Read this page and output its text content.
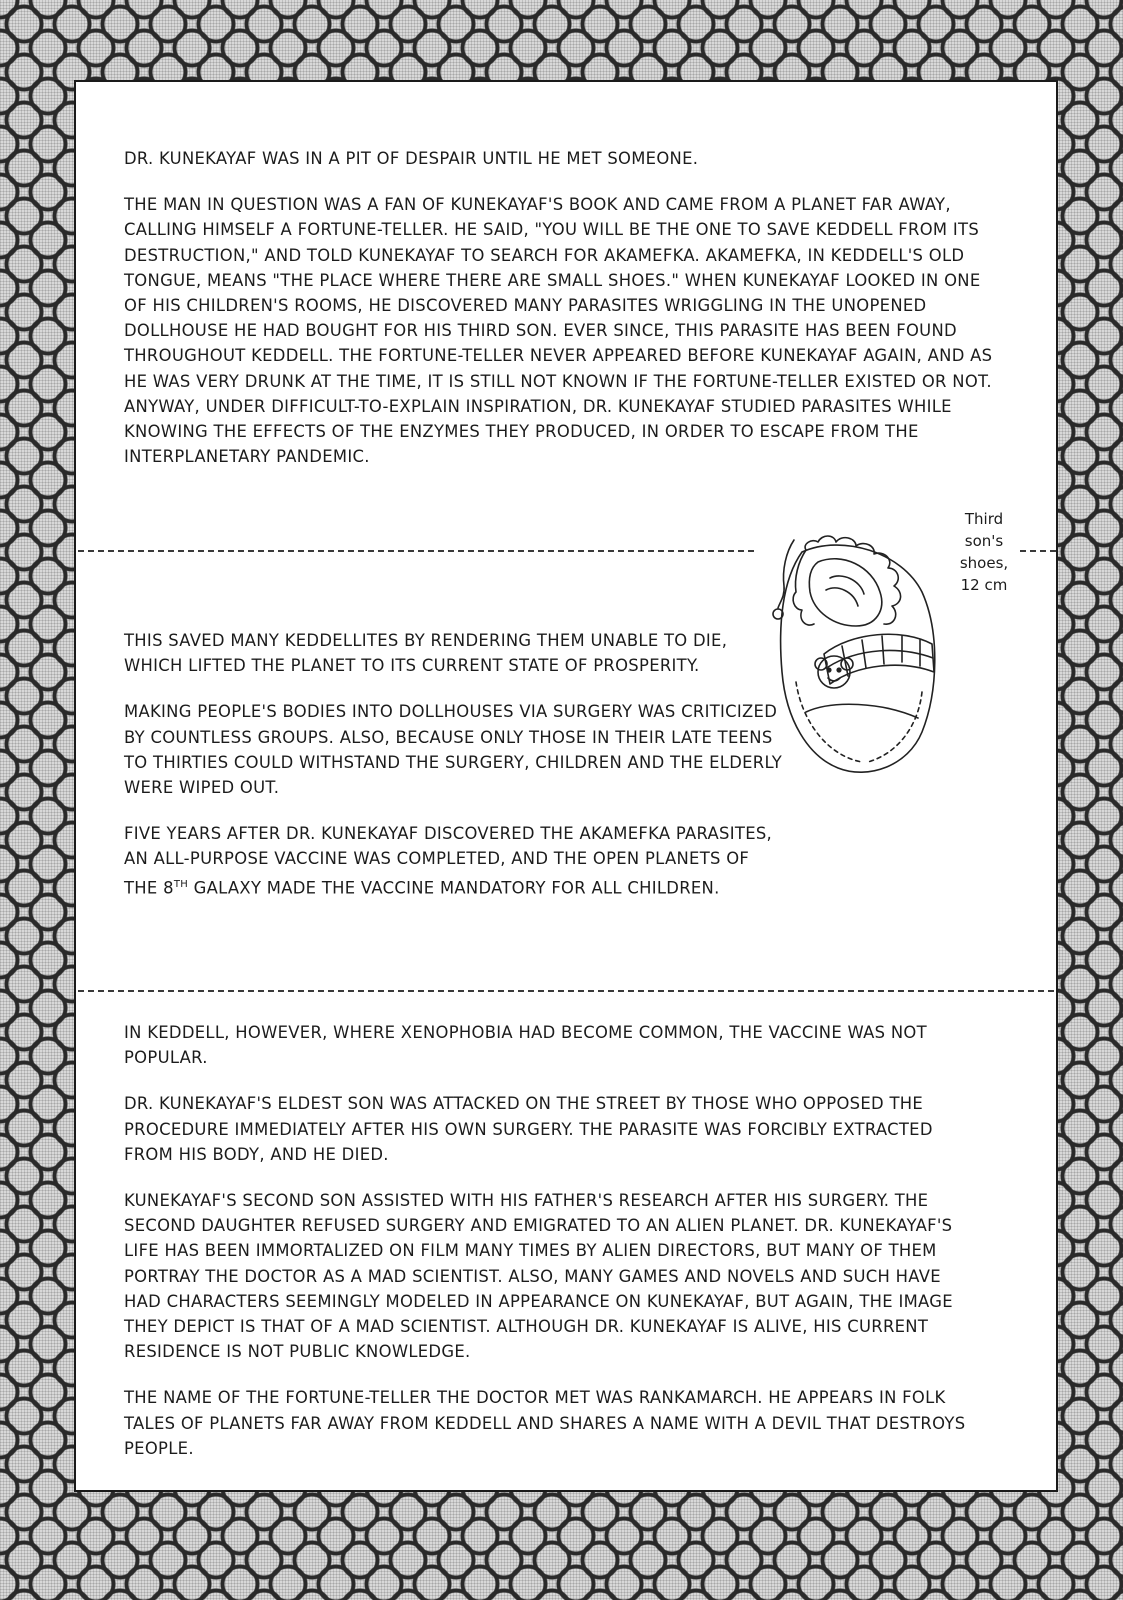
DR. KUNEKAYAF WAS IN A PIT OF DESPAIR UNTIL HE MET SOMEONE.

THE MAN IN QUESTION WAS A FAN OF KUNEKAYAF'S BOOK AND CAME FROM A PLANET FAR AWAY, CALLING HIMSELF A FORTUNE-TELLER. HE SAID, "YOU WILL BE THE ONE TO SAVE KEDDELL FROM ITS DESTRUCTION," AND TOLD KUNEKAYAF TO SEARCH FOR AKAMEFKA. AKAMEFKA, IN KEDDELL'S OLD TONGUE, MEANS "THE PLACE WHERE THERE ARE SMALL SHOES." WHEN KUNEKAYAF LOOKED IN ONE OF HIS CHILDREN'S ROOMS, HE DISCOVERED MANY PARASITES WRIGGLING IN THE UNOPENED DOLLHOUSE HE HAD BOUGHT FOR HIS THIRD SON. EVER SINCE, THIS PARASITE HAS BEEN FOUND THROUGHOUT KEDDELL. THE FORTUNE-TELLER NEVER APPEARED BEFORE KUNEKAYAF AGAIN, AND AS HE WAS VERY DRUNK AT THE TIME, IT IS STILL NOT KNOWN IF THE FORTUNE-TELLER EXISTED OR NOT. ANYWAY, UNDER DIFFICULT-TO-EXPLAIN INSPIRATION, DR. KUNEKAYAF STUDIED PARASITES WHILE KNOWING THE EFFECTS OF THE ENZYMES THEY PRODUCED, IN ORDER TO ESCAPE FROM THE INTERPLANETARY PANDEMIC.

Third
son's
shoes,
12 cm

THIS SAVED MANY KEDDELLITES BY RENDERING THEM UNABLE TO DIE, WHICH LIFTED THE PLANET TO ITS CURRENT STATE OF PROSPERITY.

MAKING PEOPLE'S BODIES INTO DOLLHOUSES VIA SURGERY WAS CRITICIZED BY COUNTLESS GROUPS. ALSO, BECAUSE ONLY THOSE IN THEIR LATE TEENS TO THIRTIES COULD WITHSTAND THE SURGERY, CHILDREN AND THE ELDERLY WERE WIPED OUT.

FIVE YEARS AFTER DR. KUNEKAYAF DISCOVERED THE AKAMEFKA PARASITES, AN ALL-PURPOSE VACCINE WAS COMPLETED, AND THE OPEN PLANETS OF THE 8TH GALAXY MADE THE VACCINE MANDATORY FOR ALL CHILDREN.

IN KEDDELL, HOWEVER, WHERE XENOPHOBIA HAD BECOME COMMON, THE VACCINE WAS NOT POPULAR.

DR. KUNEKAYAF'S ELDEST SON WAS ATTACKED ON THE STREET BY THOSE WHO OPPOSED THE PROCEDURE IMMEDIATELY AFTER HIS OWN SURGERY. THE PARASITE WAS FORCIBLY EXTRACTED FROM HIS BODY, AND HE DIED.

KUNEKAYAF'S SECOND SON ASSISTED WITH HIS FATHER'S RESEARCH AFTER HIS SURGERY. THE SECOND DAUGHTER REFUSED SURGERY AND EMIGRATED TO AN ALIEN PLANET. DR. KUNEKAYAF'S LIFE HAS BEEN IMMORTALIZED ON FILM MANY TIMES BY ALIEN DIRECTORS, BUT MANY OF THEM PORTRAY THE DOCTOR AS A MAD SCIENTIST. ALSO, MANY GAMES AND NOVELS AND SUCH HAVE HAD CHARACTERS SEEMINGLY MODELED IN APPEARANCE ON KUNEKAYAF, BUT AGAIN, THE IMAGE THEY DEPICT IS THAT OF A MAD SCIENTIST. ALTHOUGH DR. KUNEKAYAF IS ALIVE, HIS CURRENT RESIDENCE IS NOT PUBLIC KNOWLEDGE.

THE NAME OF THE FORTUNE-TELLER THE DOCTOR MET WAS RANKAMARCH. HE APPEARS IN FOLK TALES OF PLANETS FAR AWAY FROM KEDDELL AND SHARES A NAME WITH A DEVIL THAT DESTROYS PEOPLE.
